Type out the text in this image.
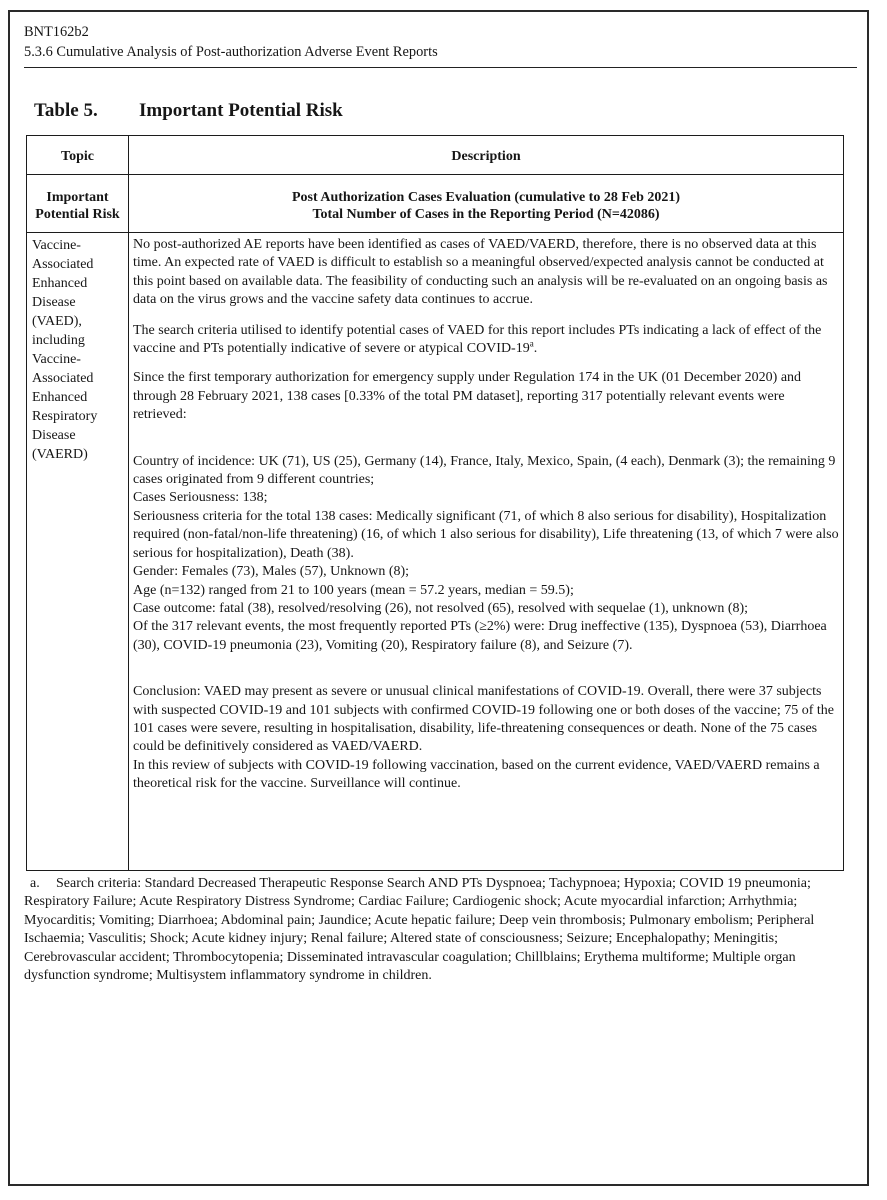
BNT162b2
5.3.6 Cumulative Analysis of Post-authorization Adverse Event Reports
Table 5. Important Potential Risk
Topic	Description
Important Potential Risk
Post Authorization Cases Evaluation (cumulative to 28 Feb 2021)
Total Number of Cases in the Reporting Period (N=42086)
Vaccine-
Associated
Enhanced
Disease
(VAED),
including
Vaccine-
Associated
Enhanced
Respiratory
Disease
(VAERD)

No post-authorized AE reports have been identified as cases of VAED/VAERD, therefore, there is no observed data at this time. An expected rate of VAED is difficult to establish so a meaningful observed/expected analysis cannot be conducted at this point based on available data. The feasibility of conducting such an analysis will be re-evaluated on an ongoing basis as data on the virus grows and the vaccine safety data continues to accrue.

The search criteria utilised to identify potential cases of VAED for this report includes PTs indicating a lack of effect of the vaccine and PTs potentially indicative of severe or atypical COVID-19$^a$.

Since the first temporary authorization for emergency supply under Regulation 174 in the UK (01 December 2020) and through 28 February 2021, 138 cases [0.33% of the total PM dataset], reporting 317 potentially relevant events were retrieved:

Country of incidence: UK (71), US (25), Germany (14), France, Italy, Mexico, Spain, (4 each), Denmark (3); the remaining 9 cases originated from 9 different countries;

Cases Seriousness: 138;

Seriousness criteria for the total 138 cases: Medically significant (71, of which 8 also serious for disability), Hospitalization required (non-fatal/non-life threatening) (16, of which 1 also serious for disability), Life threatening (13, of which 7 were also serious for hospitalization), Death (38).

Gender: Females (73), Males (57), Unknown (8);

Age (n=132) ranged from 21 to 100 years (mean = 57.2 years, median = 59.5);

Case outcome: fatal (38), resolved/resolving (26), not resolved (65), resolved with sequelae (1), unknown (8);

Of the 317 relevant events, the most frequently reported PTs (≥2%) were: Drug ineffective (135), Dyspnoea (53), Diarrhoea (30), COVID-19 pneumonia (23), Vomiting (20), Respiratory failure (8), and Seizure (7).

Conclusion: VAED may present as severe or unusual clinical manifestations of COVID-19. Overall, there were 37 subjects with suspected COVID-19 and 101 subjects with confirmed COVID-19 following one or both doses of the vaccine; 75 of the 101 cases were severe, resulting in hospitalisation, disability, life-threatening consequences or death. None of the 75 cases could be definitively considered as VAED/VAERD.

In this review of subjects with COVID-19 following vaccination, based on the current evidence, VAED/VAERD remains a theoretical risk for the vaccine. Surveillance will continue.

a. Search criteria: Standard Decreased Therapeutic Response Search AND PTs Dyspnoea; Tachypnoea; Hypoxia; COVID 19 pneumonia; Respiratory Failure; Acute Respiratory Distress Syndrome; Cardiac Failure; Cardiogenic shock; Acute myocardial infarction; Arrhythmia; Myocarditis; Vomiting; Diarrhoea; Abdominal pain; Jaundice; Acute hepatic failure; Deep vein thrombosis; Pulmonary embolism; Peripheral Ischaemia; Vasculitis; Shock; Acute kidney injury; Renal failure; Altered state of consciousness; Seizure; Encephalopathy; Meningitis; Cerebrovascular accident; Thrombocytopenia; Disseminated intravascular coagulation; Chillblains; Erythema multiforme; Multiple organ dysfunction syndrome; Multisystem inflammatory syndrome in children.
